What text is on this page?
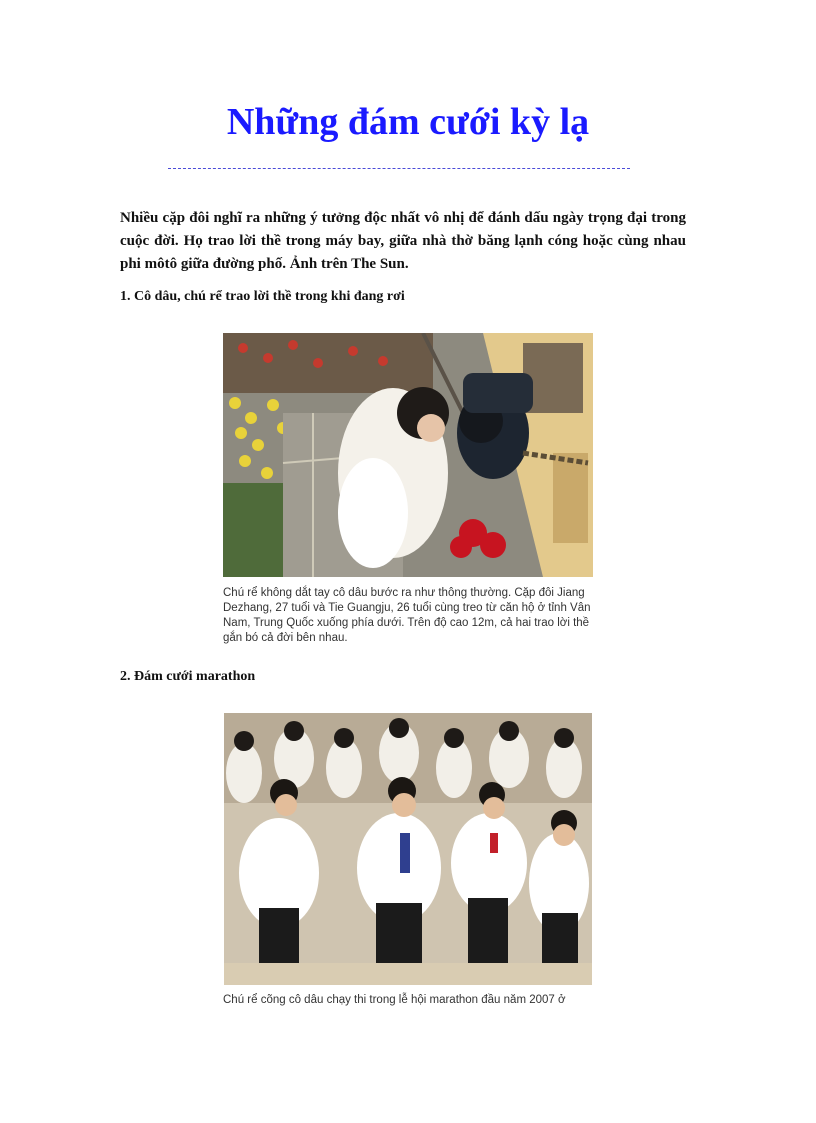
Những đám cưới kỳ lạ

Nhiều cặp đôi nghĩ ra những ý tưởng độc nhất vô nhị để đánh dấu ngày trọng đại trong cuộc đời. Họ trao lời thề trong máy bay, giữa nhà thờ băng lạnh cóng hoặc cùng nhau phi môtô giữa đường phố. Ảnh trên The Sun.

1. Cô dâu, chú rể trao lời thề trong khi đang rơi

Chú rể không dắt tay cô dâu bước ra như thông thường. Cặp đôi Jiang Dezhang, 27 tuổi và Tie Guangju, 26 tuổi cùng treo từ căn hộ ở tỉnh Vân Nam, Trung Quốc xuống phía dưới. Trên độ cao 12m, cả hai trao lời thề gắn bó cả đời bên nhau.

2. Đám cưới marathon

Chú rể cõng cô dâu chạy thi trong lễ hội marathon đầu năm 2007 ở
